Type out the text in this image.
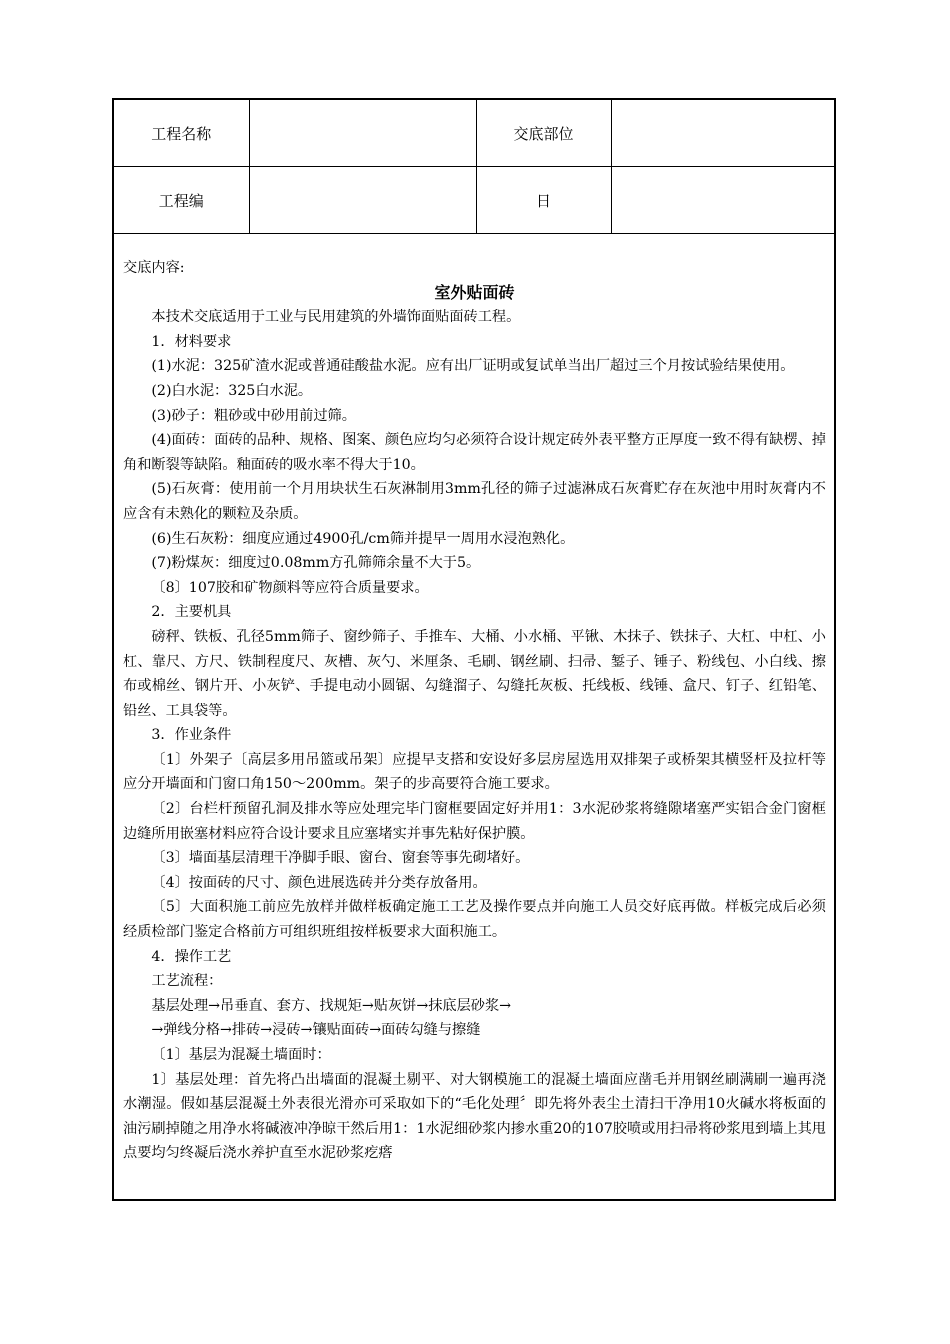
工程名称		交底部位	
工程编		日	

交底内容:

室外贴面砖

本技术交底适用于工业与民用建筑的外墙饰面贴面砖工程。

1．材料要求

(1)水泥：325矿渣水泥或普通硅酸盐水泥。应有出厂证明或复试单当出厂超过三个月按试验结果使用。

(2)白水泥：325白水泥。

(3)砂子：粗砂或中砂用前过筛。

(4)面砖：面砖的品种、规格、图案、颜色应均匀必须符合设计规定砖外表平整方正厚度一致不得有缺楞、掉角和断裂等缺陷。釉面砖的吸水率不得大于10。

(5)石灰膏：使用前一个月用块状生石灰淋制用3mm孔径的筛子过滤淋成石灰膏贮存在灰池中用时灰膏内不应含有未熟化的颗粒及杂质。

(6)生石灰粉：细度应通过4900孔/cm筛并提早一周用水浸泡熟化。

(7)粉煤灰：细度过0.08mm方孔筛筛余量不大于5。

〔8〕107胶和矿物颜料等应符合质量要求。

2．主要机具

磅秤、铁板、孔径5mm筛子、窗纱筛子、手推车、大桶、小水桶、平锹、木抹子、铁抹子、大杠、中杠、小杠、靠尺、方尺、铁制程度尺、灰槽、灰勺、米厘条、毛刷、钢丝刷、扫帚、錾子、锤子、粉线包、小白线、擦布或棉丝、钢片开、小灰铲、手提电动小圆锯、勾缝溜子、勾缝托灰板、托线板、线锤、盒尺、钉子、红铅笔、铅丝、工具袋等。

3．作业条件

〔1〕外架子〔高层多用吊篮或吊架〕应提早支搭和安设好多层房屋选用双排架子或桥架其横竖杆及拉杆等应分开墙面和门窗口角150～200mm。架子的步高要符合施工要求。

〔2〕台栏杆预留孔洞及排水等应处理完毕门窗框要固定好并用1：3水泥砂浆将缝隙堵塞严实铝合金门窗框边缝所用嵌塞材料应符合设计要求且应塞堵实并事先粘好保护膜。

〔3〕墙面基层清理干净脚手眼、窗台、窗套等事先砌堵好。

〔4〕按面砖的尺寸、颜色进展选砖并分类存放备用。

〔5〕大面积施工前应先放样并做样板确定施工工艺及操作要点并向施工人员交好底再做。样板完成后必须经质检部门鉴定合格前方可组织班组按样板要求大面积施工。

4．操作工艺

工艺流程：

基层处理→吊垂直、套方、找规矩→贴灰饼→抹底层砂浆→

→弹线分格→排砖→浸砖→镶贴面砖→面砖勾缝与擦缝

〔1〕基层为混凝土墙面时：

1〕基层处理：首先将凸出墙面的混凝土剔平、对大钢模施工的混凝土墙面应凿毛并用钢丝刷满刷一遍再浇水潮湿。假如基层混凝土外表很光滑亦可采取如下的“毛化处理〞即先将外表尘土清扫干净用10火碱水将板面的油污刷掉随之用净水将碱液冲净晾干然后用1：1水泥细砂浆内掺水重20的107胶喷或用扫帚将砂浆甩到墙上其甩点要均匀终凝后浇水养护直至水泥砂浆疙瘩
